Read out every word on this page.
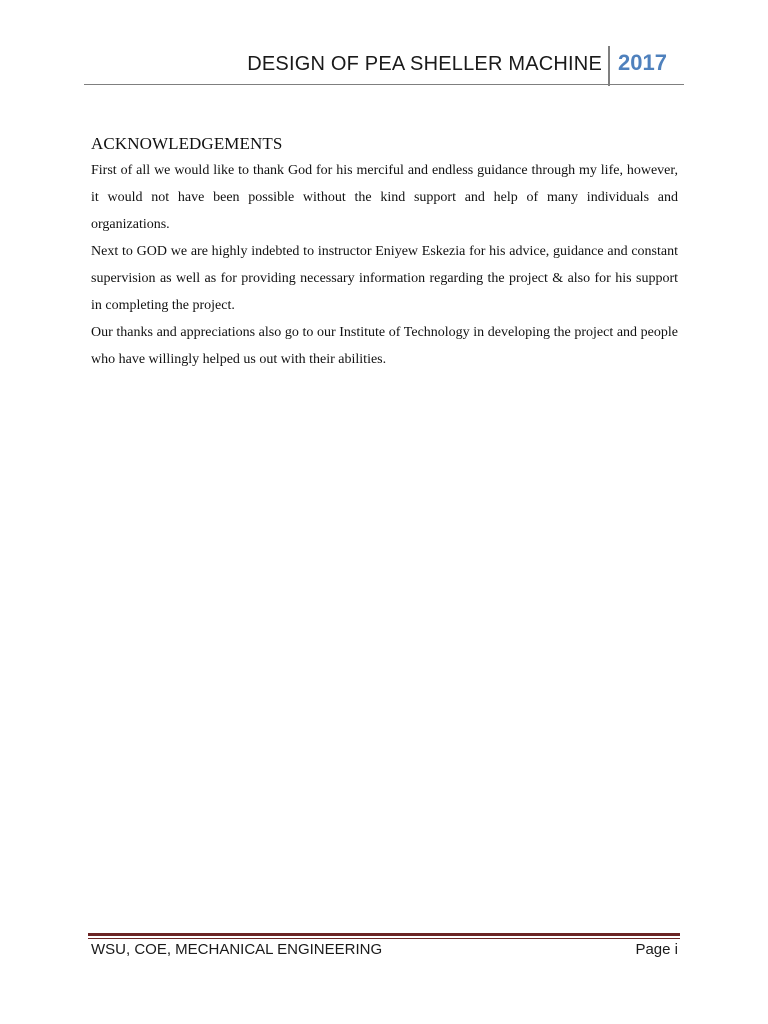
DESIGN OF PEA SHELLER MACHINE 2017
ACKNOWLEDGEMENTS

First of all we would like to thank God for his merciful and endless guidance through my life, however, it would not have been possible without the kind support and help of many individuals and organizations.

Next to GOD we are highly indebted to instructor Eniyew Eskezia for his advice, guidance and constant supervision as well as for providing necessary information regarding the project & also for his support in completing the project.

Our thanks and appreciations also go to our Institute of Technology in developing the project and people who have willingly helped us out with their abilities.

WSU, COE, MECHANICAL ENGINEERING	Page i
